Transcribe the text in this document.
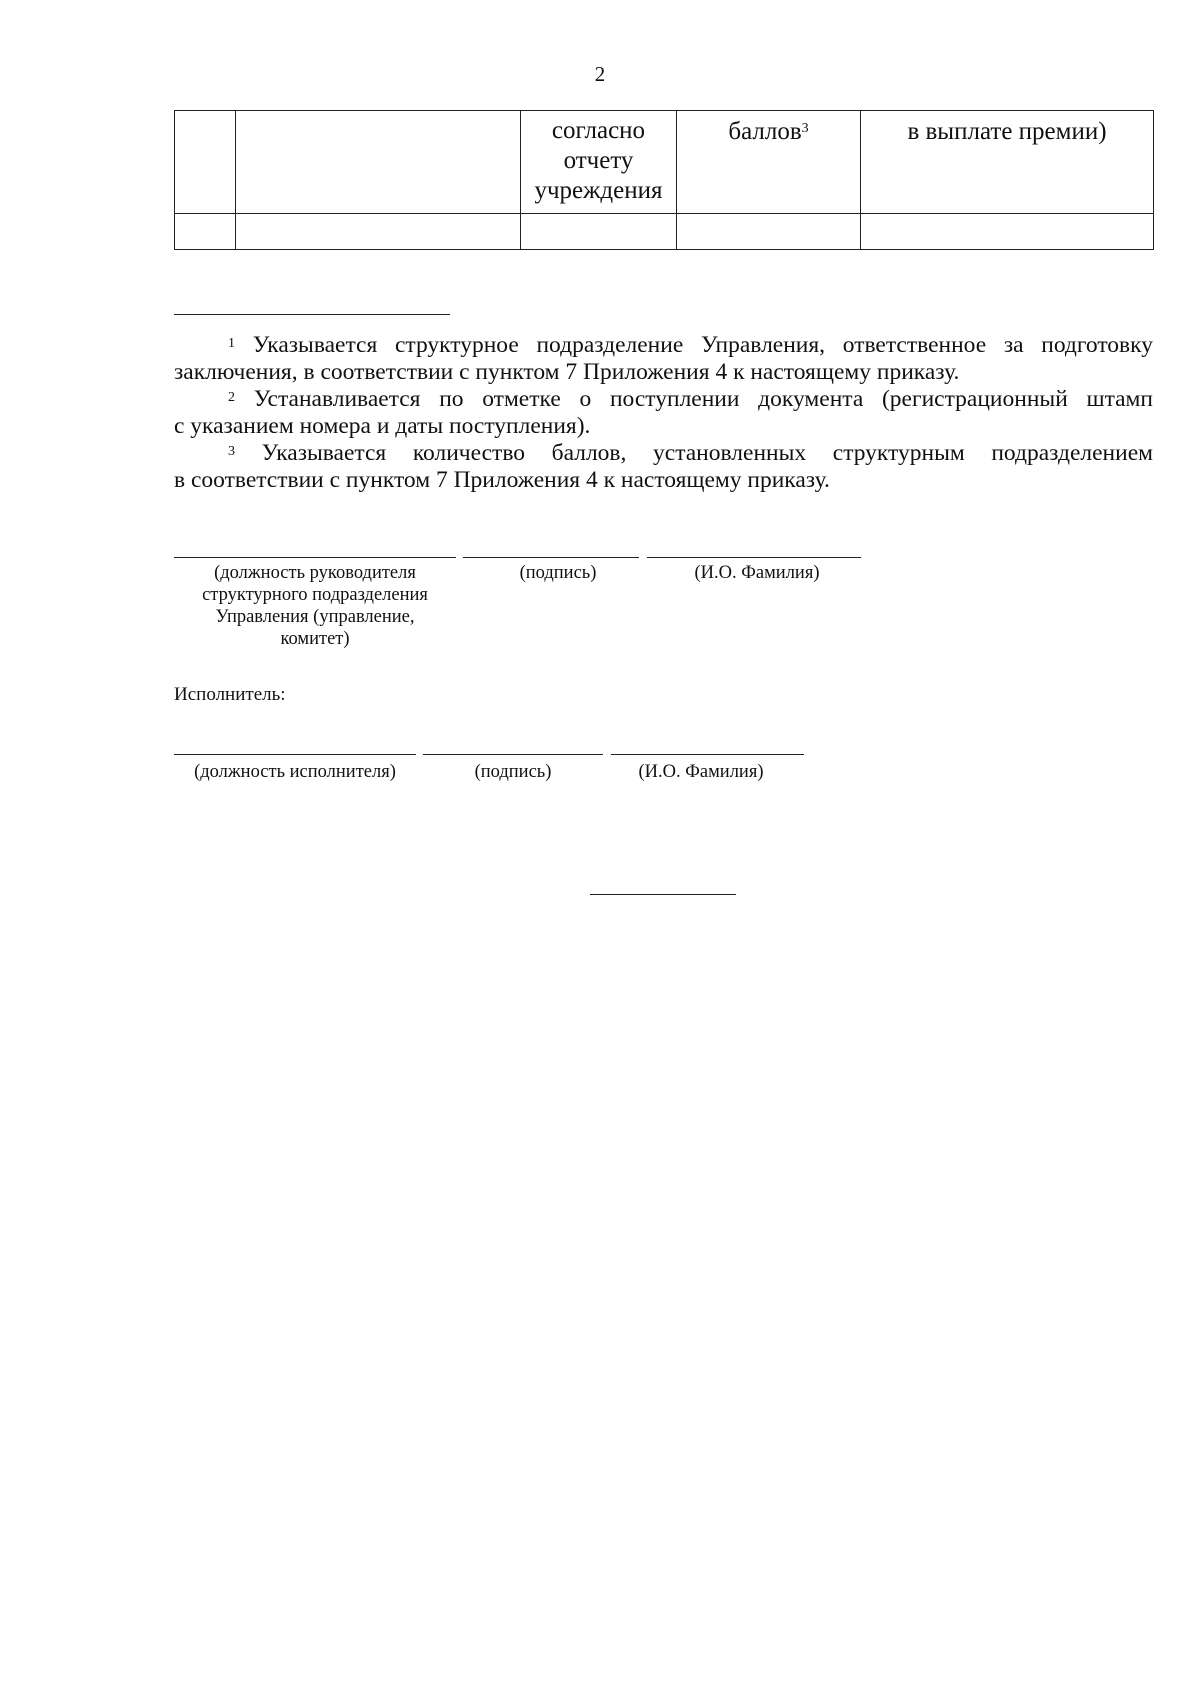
2

		согласно
отчету
учреждения	баллов$^3$	в выплате премии)

$^1$ Указывается структурное подразделение Управления, ответственное за подготовку
заключения, в соответствии с пунктом 7 Приложения 4 к настоящему приказу.
$^2$ Устанавливается по отметке о поступлении документа (регистрационный штамп
с указанием номера и даты поступления).
$^3$ Указывается количество баллов, установленных структурным подразделением
в соответствии с пунктом 7 Приложения 4 к настоящему приказу.
(должность руководителя
структурного подразделения
Управления (управление,
комитет)
(подпись)	(И.О. Фамилия)
Исполнитель:
(должность исполнителя)	(подпись)	(И.О. Фамилия)
